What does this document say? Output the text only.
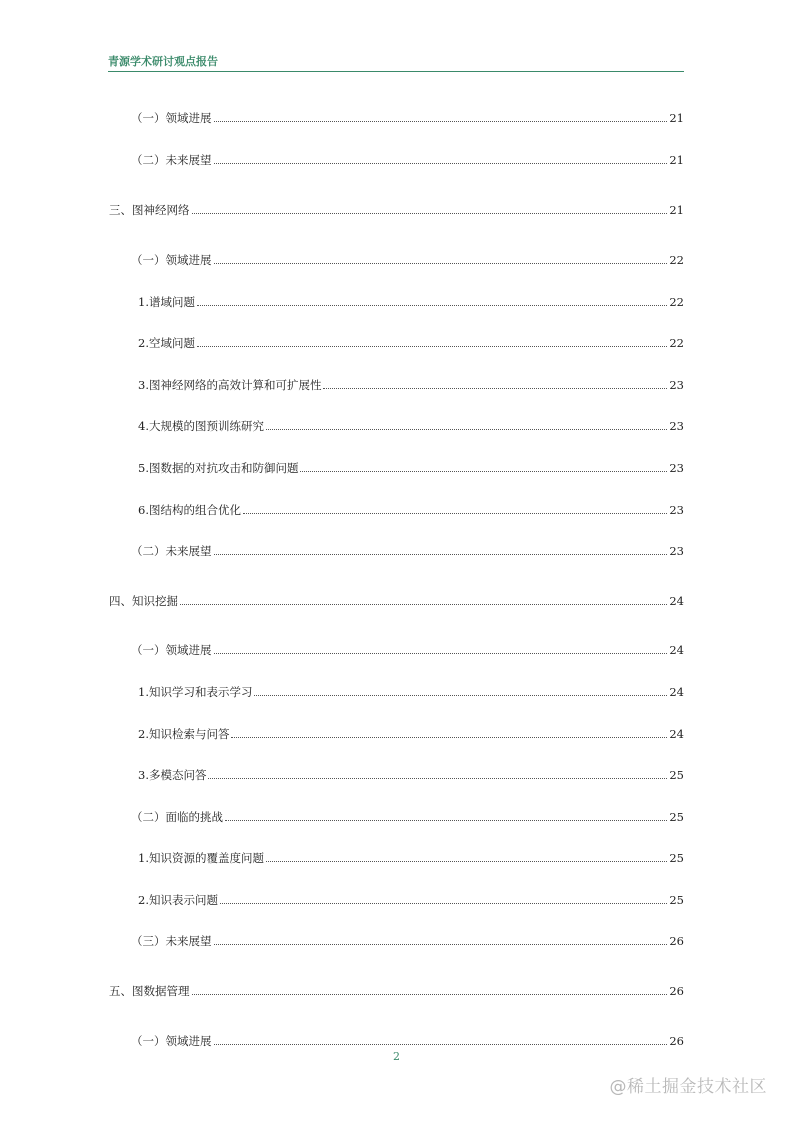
青源学术研讨观点报告
2
@稀土掘金技术社区
（一）领域进展	21
（二）未来展望	21
三、图神经网络	21
（一）领域进展	22
1.谱域问题	22
2.空域问题	22
3.图神经网络的高效计算和可扩展性	23
4.大规模的图预训练研究	23
5.图数据的对抗攻击和防御问题	23
6.图结构的组合优化	23
（二）未来展望	23
四、知识挖掘	24
（一）领域进展	24
1.知识学习和表示学习	24
2.知识检索与问答	24
3.多模态问答	25
（二）面临的挑战	25
1.知识资源的覆盖度问题	25
2.知识表示问题	25
（三）未来展望	26
五、图数据管理	26
（一）领域进展	26
